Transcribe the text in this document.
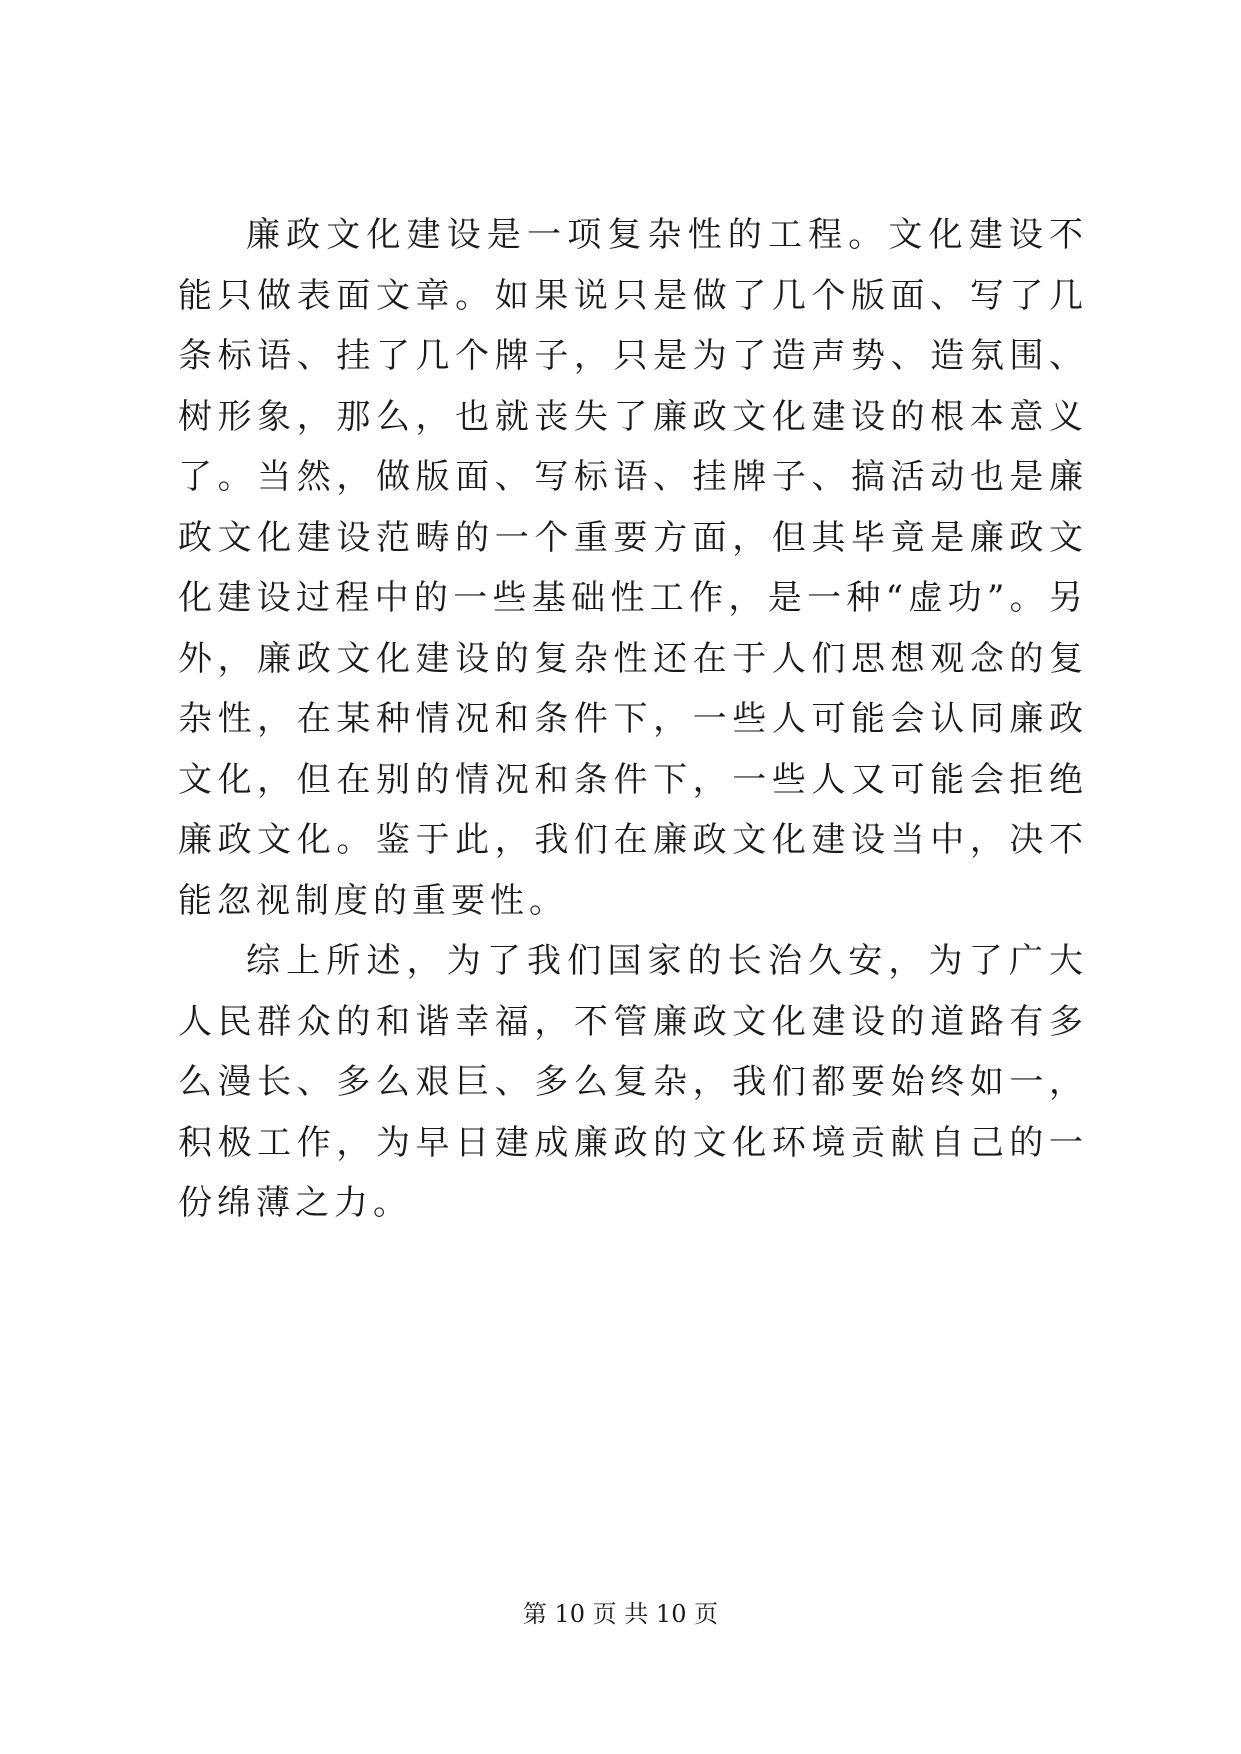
廉政文化建设是一项复杂性的工程。文化建设不能只做表面文章。如果说只是做了几个版面、写了几条标语、挂了几个牌子，只是为了造声势、造氛围、树形象，那么，也就丧失了廉政文化建设的根本意义了。当然，做版面、写标语、挂牌子、搞活动也是廉政文化建设范畴的一个重要方面，但其毕竟是廉政文化建设过程中的一些基础性工作，是一种“虚功”。另外，廉政文化建设的复杂性还在于人们思想观念的复杂性，在某种情况和条件下，一些人可能会认同廉政文化，但在别的情况和条件下，一些人又可能会拒绝廉政文化。鉴于此，我们在廉政文化建设当中，决不能忽视制度的重要性。

综上所述，为了我们国家的长治久安，为了广大人民群众的和谐幸福，不管廉政文化建设的道路有多么漫长、多么艰巨、多么复杂，我们都要始终如一，积极工作，为早日建成廉政的文化环境贡献自己的一份绵薄之力。

第 10 页 共 10 页
